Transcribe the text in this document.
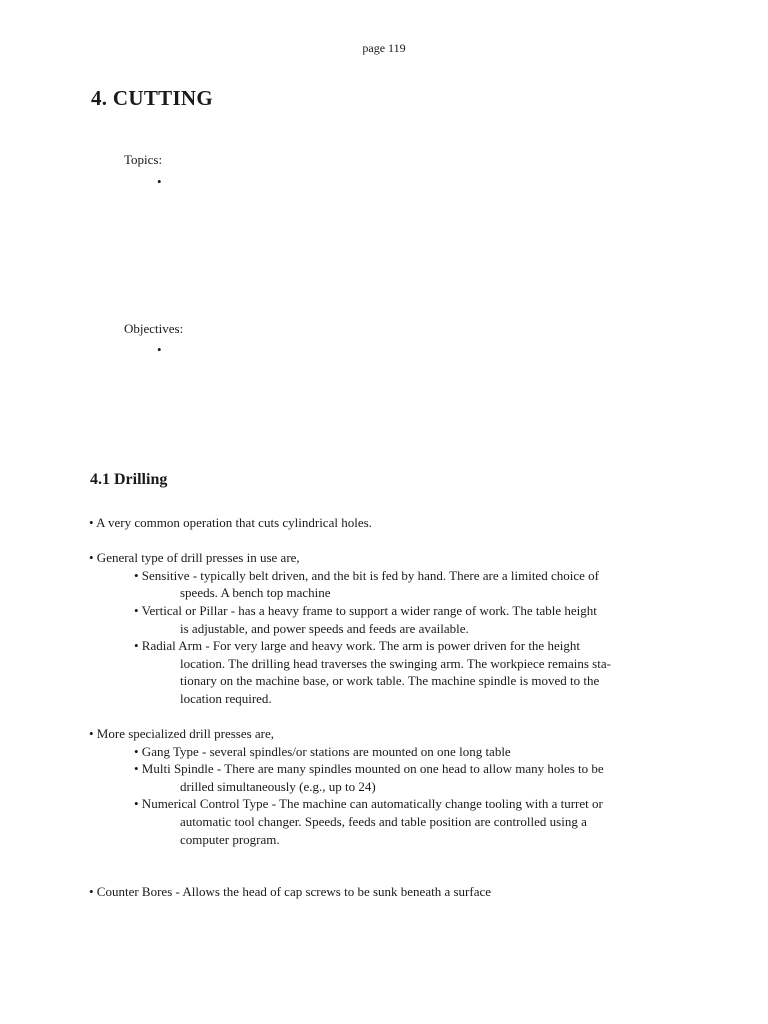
page 119
4. CUTTING
Topics:
•
Objectives:
•
4.1 Drilling
• A very common operation that cuts cylindrical holes.
• General type of drill presses in use are,
• Sensitive - typically belt driven, and the bit is fed by hand. There are a limited choice of
speeds. A bench top machine
• Vertical or Pillar - has a heavy frame to support a wider range of work. The table height
is adjustable, and power speeds and feeds are available.
• Radial Arm - For very large and heavy work. The arm is power driven for the height
location. The drilling head traverses the swinging arm. The workpiece remains sta-
tionary on the machine base, or work table. The machine spindle is moved to the
location required.
• More specialized drill presses are,
• Gang Type - several spindles/or stations are mounted on one long table
• Multi Spindle - There are many spindles mounted on one head to allow many holes to be
drilled simultaneously (e.g., up to 24)
• Numerical Control Type - The machine can automatically change tooling with a turret or
automatic tool changer. Speeds, feeds and table position are controlled using a
computer program.
• Counter Bores - Allows the head of cap screws to be sunk beneath a surface
